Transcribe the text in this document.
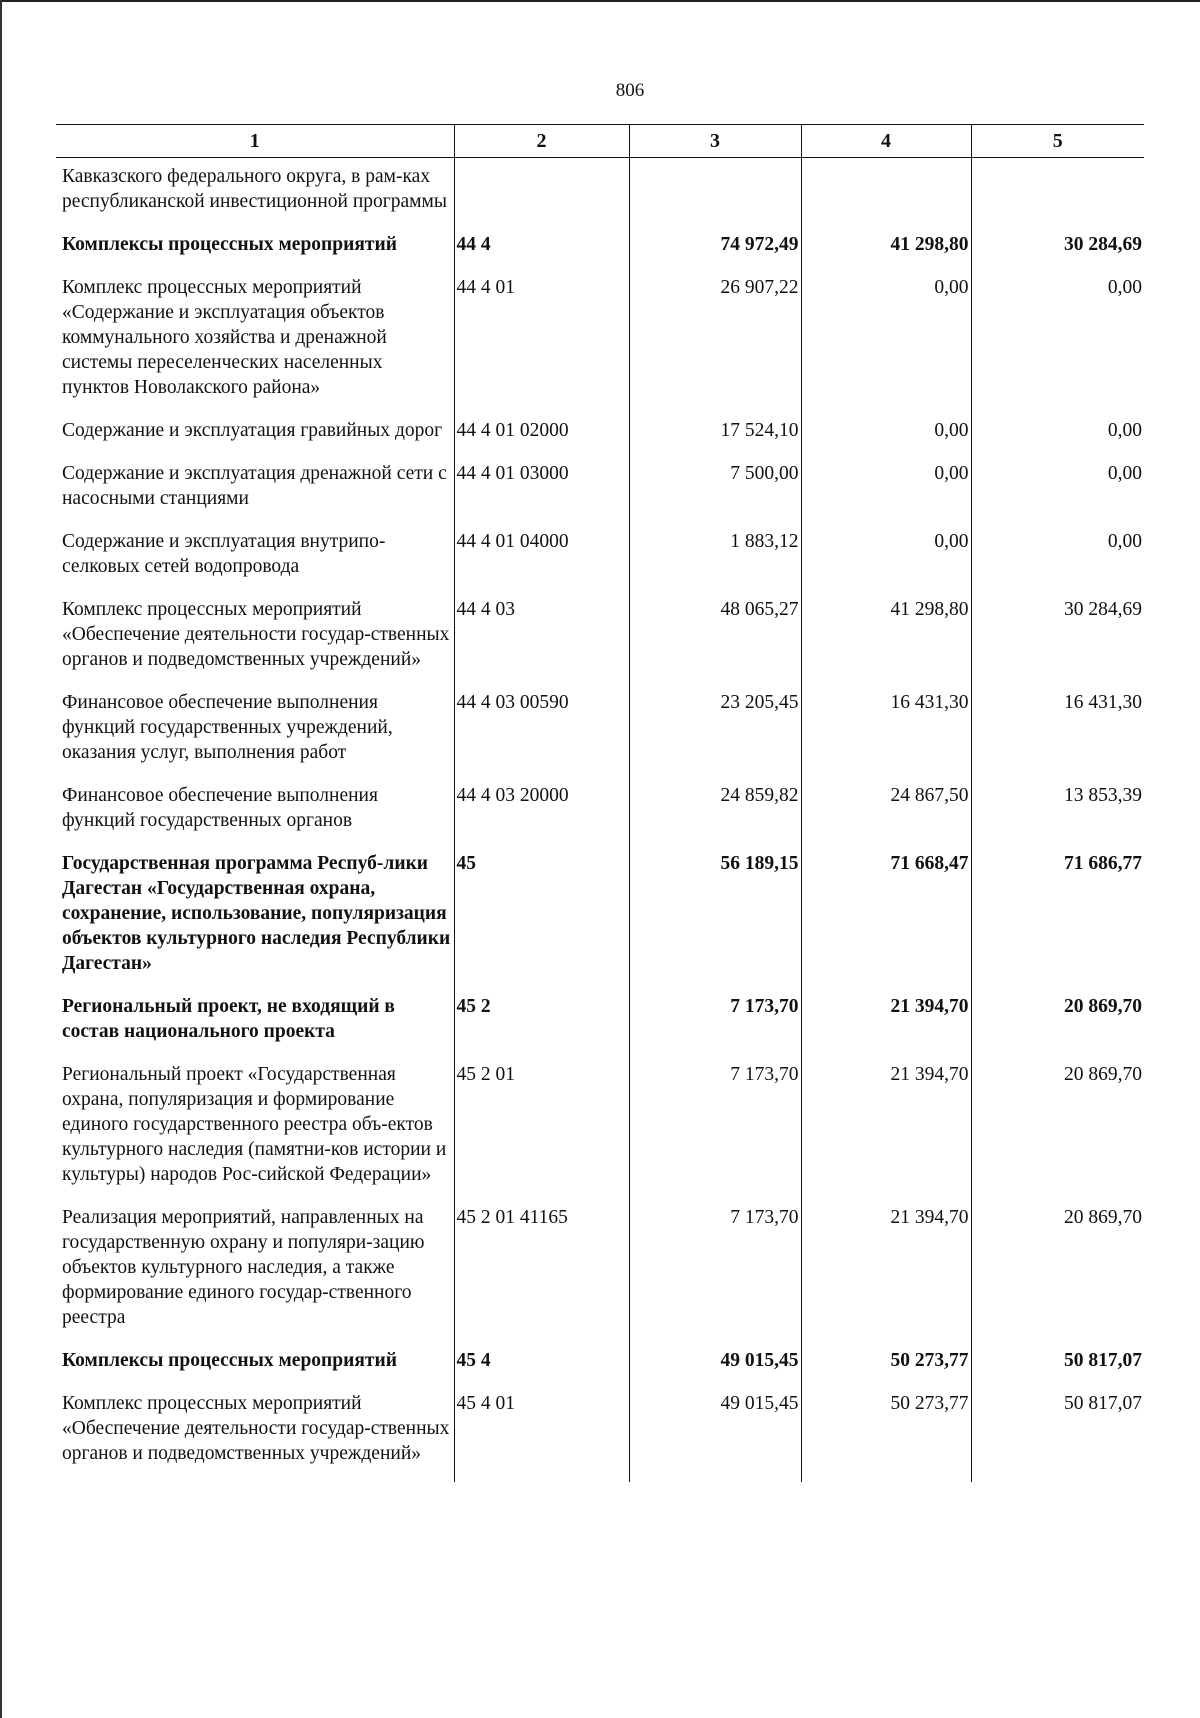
806
1	2	3	4	5
Кавказского федерального округа, в рам-ках республиканской инвестиционной программы				
Комплексы процессных мероприятий	44 4	74 972,49	41 298,80	30 284,69
Комплекс процессных мероприятий «Содержание и эксплуатация объектов коммунального хозяйства и дренажной системы переселенческих населенных пунктов Новолакского района»	44 4 01	26 907,22	0,00	0,00
Содержание и эксплуатация гравийных дорог	44 4 01 02000	17 524,10	0,00	0,00
Содержание и эксплуатация дренажной сети с насосными станциями	44 4 01 03000	7 500,00	0,00	0,00
Содержание и эксплуатация внутрипо-селковых сетей водопровода	44 4 01 04000	1 883,12	0,00	0,00
Комплекс процессных мероприятий «Обеспечение деятельности государ-ственных органов и подведомственных учреждений»	44 4 03	48 065,27	41 298,80	30 284,69
Финансовое обеспечение выполнения функций государственных учреждений, оказания услуг, выполнения работ	44 4 03 00590	23 205,45	16 431,30	16 431,30
Финансовое обеспечение выполнения функций государственных органов	44 4 03 20000	24 859,82	24 867,50	13 853,39
Государственная программа Респуб-лики Дагестан «Государственная охрана, сохранение, использование, популяризация объектов культурного наследия Республики Дагестан»	45	56 189,15	71 668,47	71 686,77
Региональный проект, не входящий в состав национального проекта	45 2	7 173,70	21 394,70	20 869,70
Региональный проект «Государственная охрана, популяризация и формирование единого государственного реестра объ-ектов культурного наследия (памятни-ков истории и культуры) народов Рос-сийской Федерации»	45 2 01	7 173,70	21 394,70	20 869,70
Реализация мероприятий, направленных на государственную охрану и популяри-зацию объектов культурного наследия, а также формирование единого государ-ственного реестра	45 2 01 41165	7 173,70	21 394,70	20 869,70
Комплексы процессных мероприятий	45 4	49 015,45	50 273,77	50 817,07
Комплекс процессных мероприятий «Обеспечение деятельности государ-ственных органов и подведомственных учреждений»	45 4 01	49 015,45	50 273,77	50 817,07
